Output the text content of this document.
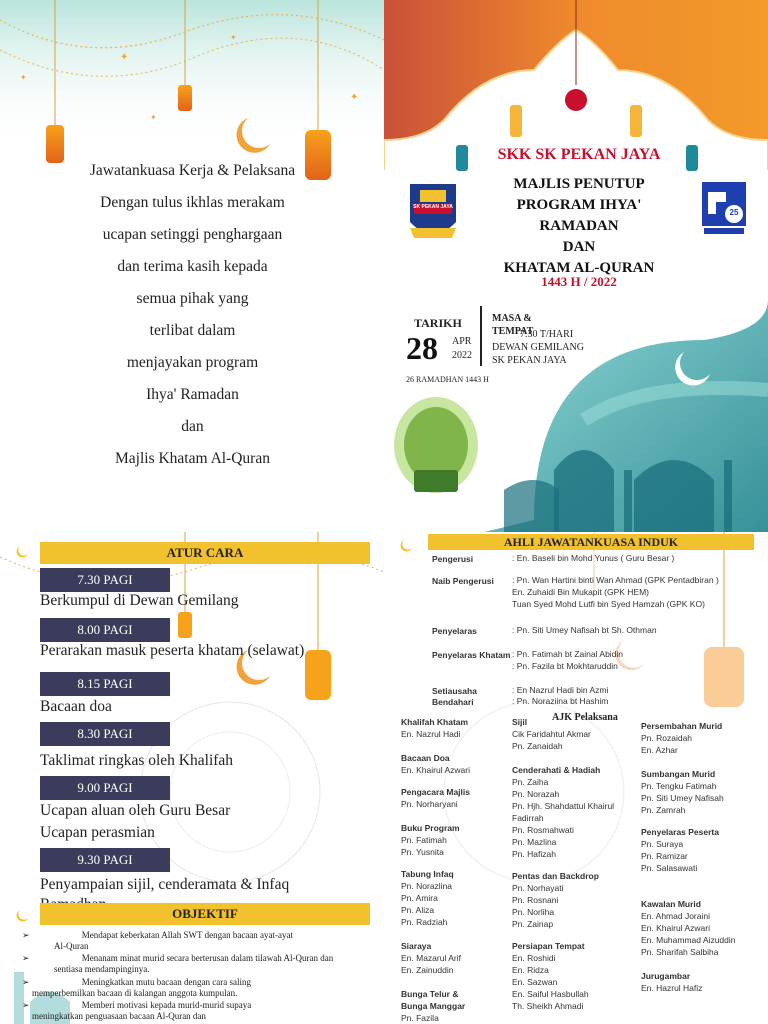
✦
✦
✦
✦
✦
Jawatankuasa Kerja & Pelaksana
Dengan tulus ikhlas merakam
ucapan setinggi penghargaan
dan terima kasih kepada
semua pihak yang
terlibat dalam
menjayakan program
Ihya' Ramadan
dan
Majlis Khatam Al-Quran
SKK SK PEKAN JAYA
SK PEKAN JAYA
25
MAJLIS PENUTUP
PROGRAM IHYA'
RAMADAN
DAN
KHATAM AL-QURAN
1443 H / 2022
TARIKH
28 APR
2022
MASA &
TEMPAT
7.30 T/HARI
DEWAN GEMILANG
SK PEKAN JAYA
26 RAMADHAN 1443 H
ATUR CARA
7.30 PAGI
Berkumpul di Dewan Gemilang
8.00 PAGI
Perarakan masuk peserta khatam (selawat)
8.15 PAGI
Bacaan doa
8.30 PAGI
Taklimat ringkas oleh Khalifah
9.00 PAGI
Ucapan aluan oleh Guru Besar
Ucapan perasmian
9.30 PAGI
Penyampaian sijil, cenderamata & Infaq
OBJEKTIF
➢	Mendapat keberkatan Allah SWT dengan bacaan ayat-ayat
Al-Quran
➢	Menanam minat murid secara berterusan dalam tilawah Al-Quran dan
sentiasa mendampinginya.
➢	Meningkatkan mutu bacaan dengan cara saling
memperbemilkan bacaan di kalangan anggota kumpulan.
➢	Memberi motivasi kepada murid-murid supaya
meningkatkan penguasaan bacaan Al-Quran dan
AHLI JAWATANKUASA INDUK
Pengerusi	: En. Baseli bin Mohd Yunus ( Guru Besar )
Naib Pengerusi : Pn. Wan Hartini binti Wan Ahmad (GPK Pentadbiran )
En. Zuhaidi Bin Mukapit (GPK HEM)
Tuan Syed Mohd Lutfi bin Syed Hamzah (GPK KO)
Penyelaras	: Pn. Siti Umey Nafisah bt Sh. Othman
Penyelaras Khatam : Pn. Fatimah bt Zainal Abidin
: Pn. Fazila bt Mokhtaruddin
Setiausaha	: En Nazrul Hadi bin Azmi
Bendahari	: Pn. Noraziina bt Hashim
AJK Pelaksana
Khalifah Khatam
En. Nazrul Hadi
Bacaan Doa
En. Khairul Azwari
Pengacara Majlis
Pn. Norharyani
Buku Program
Pn. Fatimah
Pn. Yusnita
Tabung Infaq
Pn. Norazlina
Pn. Amira
Pn. Aliza
Pn. Radziah
Siaraya
En. Mazarul Arif
En. Zainuddin
Bunga Telur &
Bunga Manggar
Pn. Fazila
Sijil
Cik Faridahtul Akmar
Pn. Zanaidah
Cenderahati & Hadiah
Pn. Zaiha
Pn. Norazah
Pn. Hjh. Shahdattul Khairul
Fadirrah
Pn. Rosmahwati
Pn. Mazlina
Pn. Hafizah
Pentas dan Backdrop
Pn. Norhayati
Pn. Rosnani
Pn. Norliha
Pn. Zainap
Persiapan Tempat
En. Roshidi
En. Ridza
En. Sazwan
En. Saiful Hasbullah
Th. Sheikh Ahmadi
Persembahan Murid
Pn. Rozaidah
En. Azhar
Sumbangan Murid
Pn. Tengku Fatimah
Pn. Siti Umey Nafisah
Pn. Zamrah
Penyelaras Peserta
Pn. Suraya
Pn. Ramizar
Pn. Salasawati
Kawalan Murid
En. Ahmad Joraini
En. Khairul Azwari
En. Muhammad Aizuddin
Pn. Sharifah Salbiha
Jurugambar
En. Hazrul Hafiz
